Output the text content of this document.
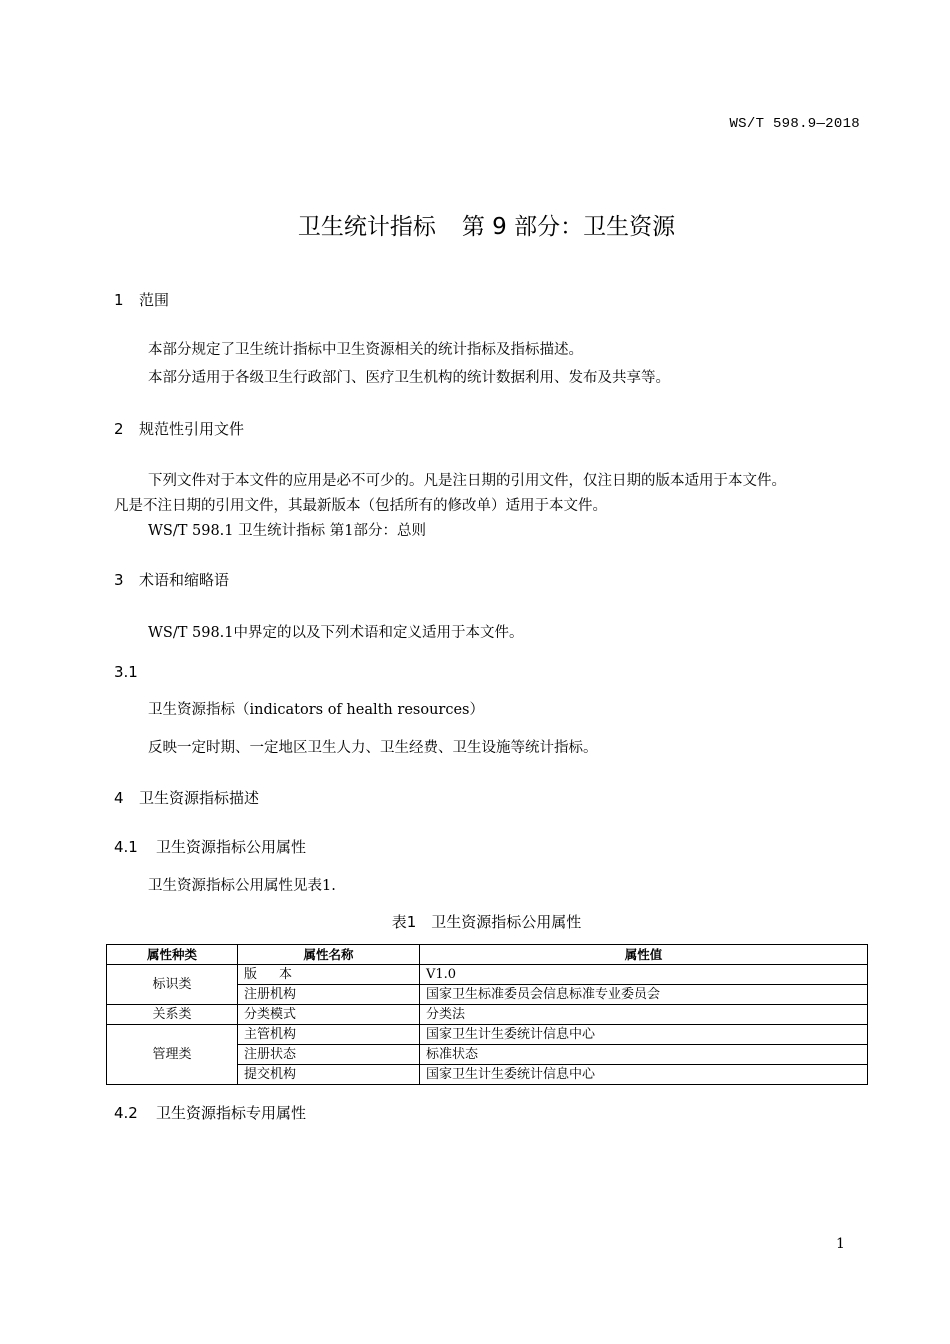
WS/T 598.9—2018
卫生统计指标 第 9 部分：卫生资源
1 范围
本部分规定了卫生统计指标中卫生资源相关的统计指标及指标描述。
本部分适用于各级卫生行政部门、医疗卫生机构的统计数据利用、发布及共享等。
2 规范性引用文件
下列文件对于本文件的应用是必不可少的。凡是注日期的引用文件，仅注日期的版本适用于本文件。
凡是不注日期的引用文件，其最新版本（包括所有的修改单）适用于本文件。
WS/T 598.1 卫生统计指标 第1部分：总则
3 术语和缩略语
WS/T 598.1中界定的以及下列术语和定义适用于本文件。
3.1
卫生资源指标（indicators of health resources）
反映一定时期、一定地区卫生人力、卫生经费、卫生设施等统计指标。
4 卫生资源指标描述
4.1 卫生资源指标公用属性
卫生资源指标公用属性见表1.
表1　卫生资源指标公用属性
属性种类	属性名称	属性值
标识类	版本	V1.0
	注册机构	国家卫生标准委员会信息标准专业委员会
关系类	分类模式	分类法
管理类	主管机构	国家卫生计生委统计信息中心
	注册状态	标准状态
	提交机构	国家卫生计生委统计信息中心
4.2 卫生资源指标专用属性
1
